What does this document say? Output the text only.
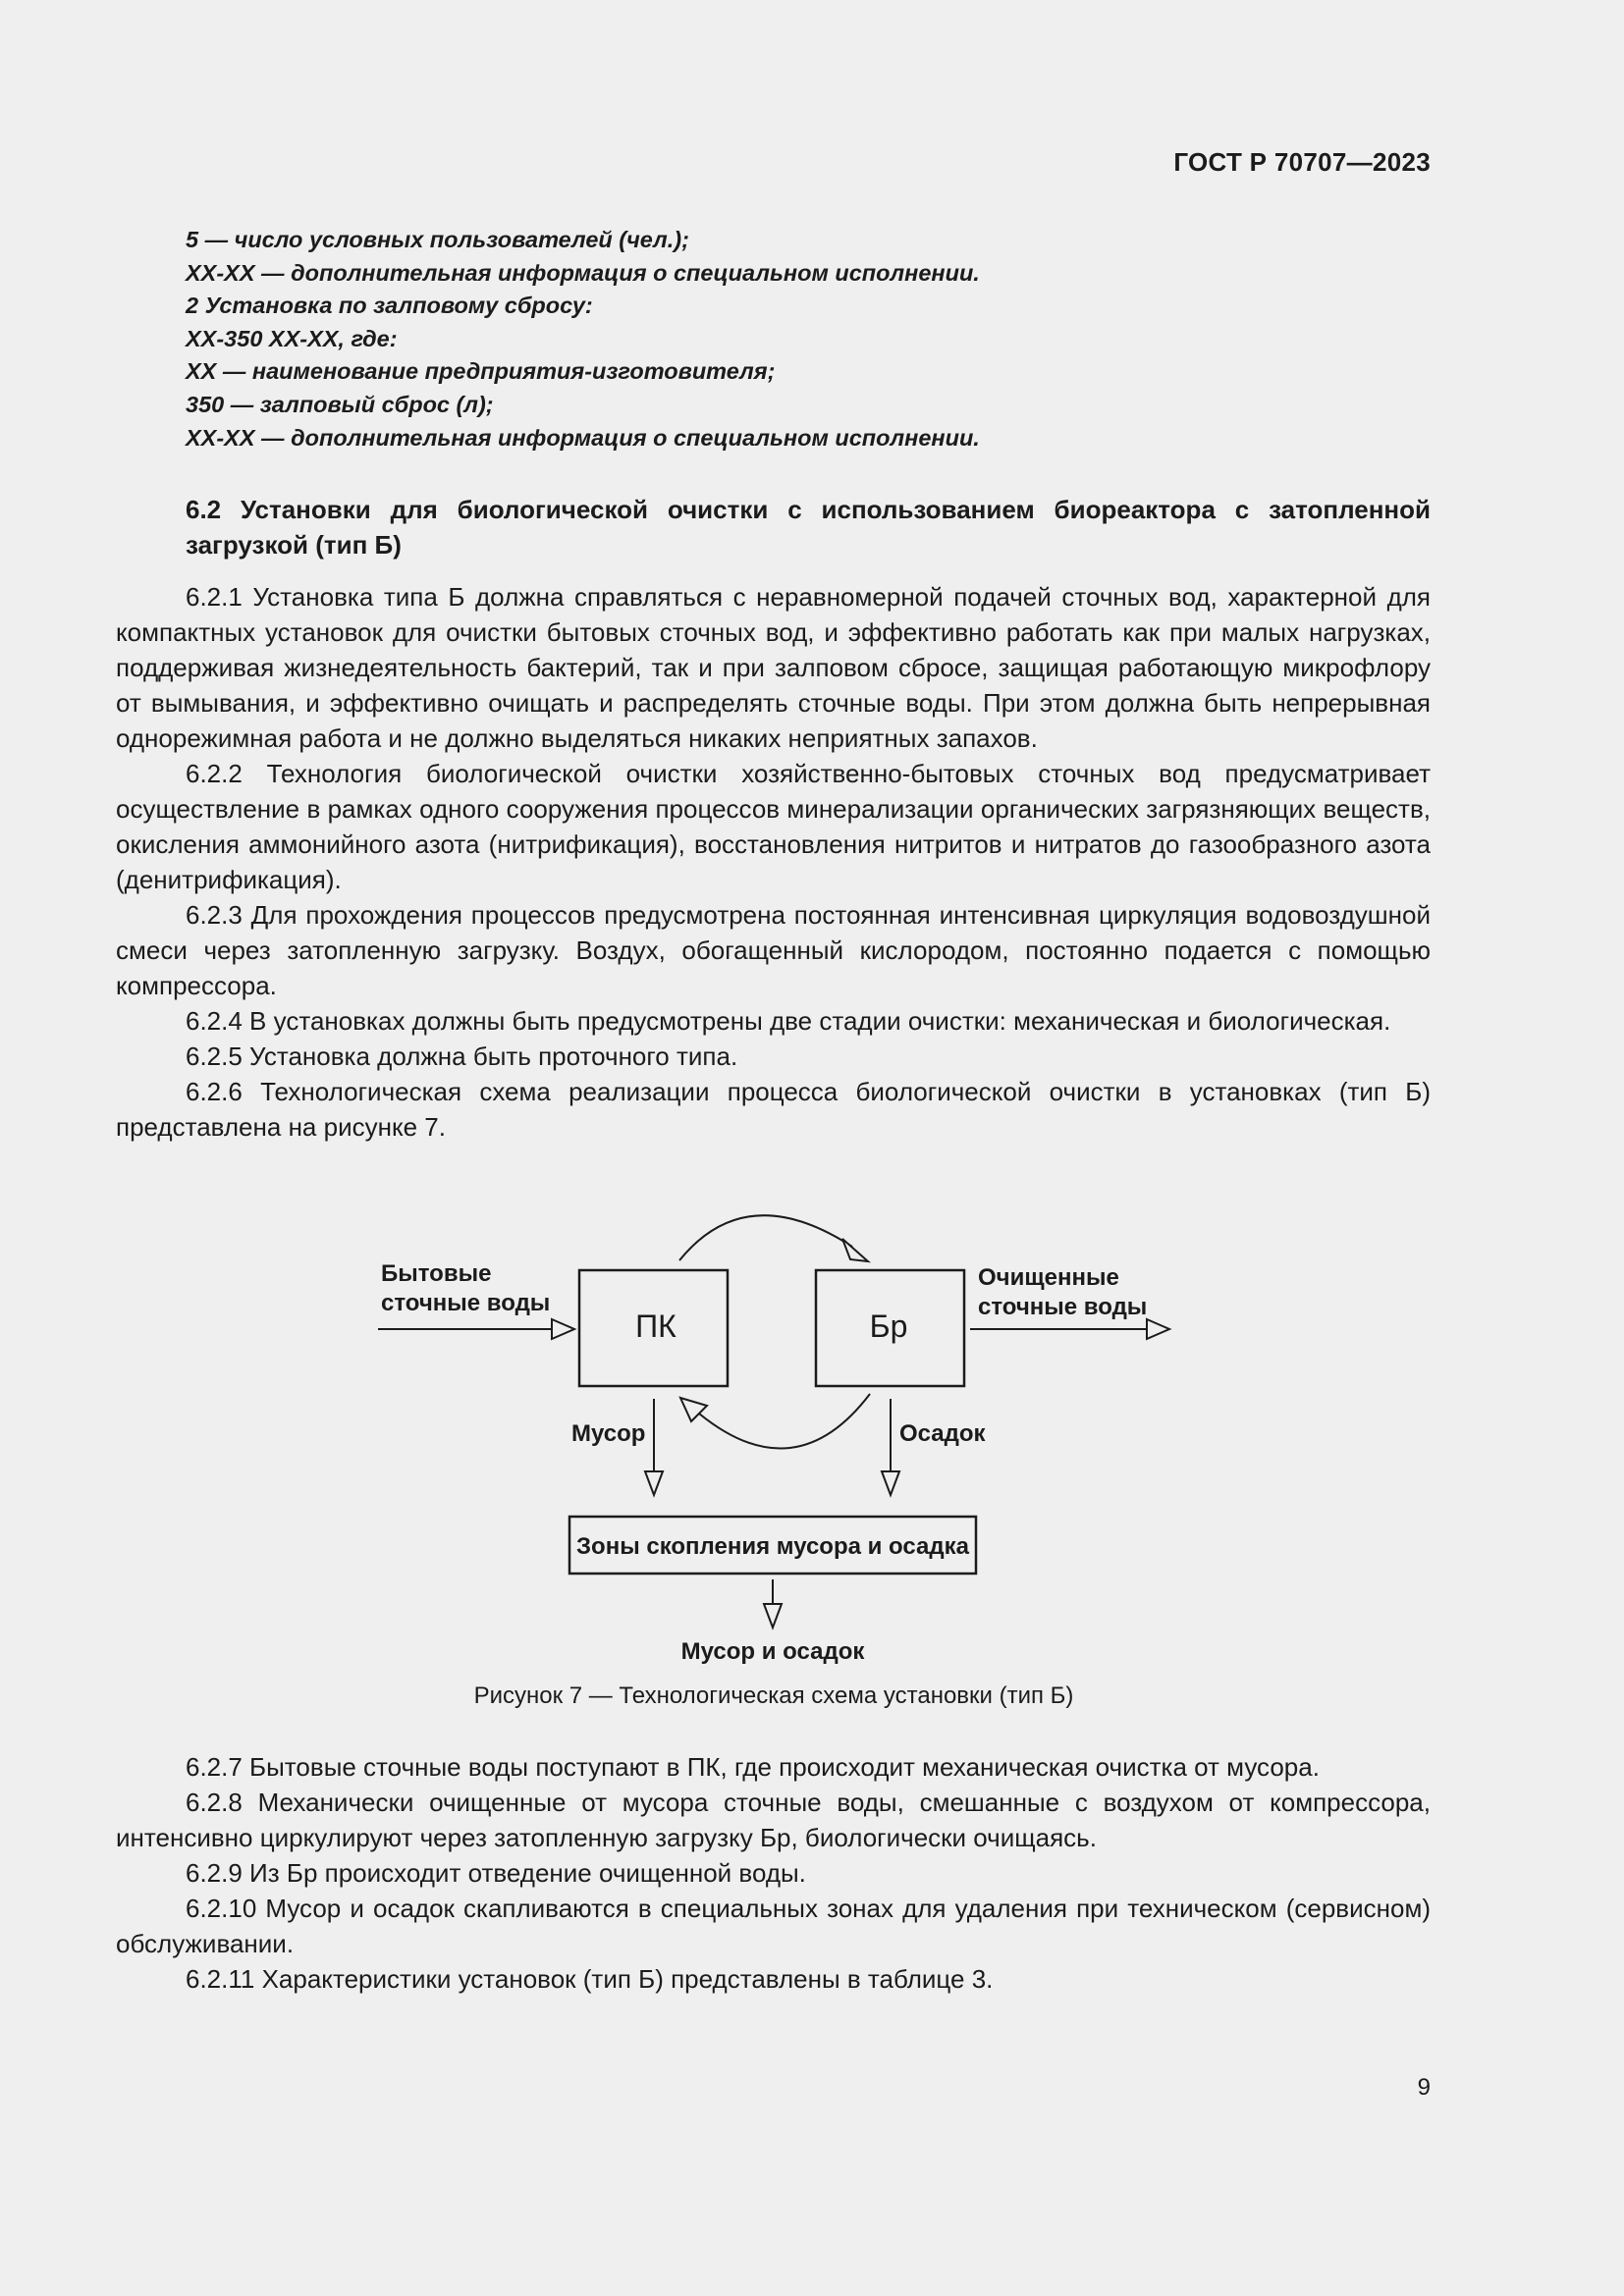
ГОСТ Р 70707—2023
5 — число условных пользователей (чел.);
ХХ-ХХ — дополнительная информация о специальном исполнении.
2 Установка по залповому сбросу:
ХХ-350 ХХ-ХХ, где:
ХХ — наименование предприятия-изготовителя;
350 — залповый сброс (л);
ХХ-ХХ — дополнительная информация о специальном исполнении.
6.2 Установки для биологической очистки с использованием биореактора с затопленной загрузкой (тип Б)

6.2.1 Установка типа Б должна справляться с неравномерной подачей сточных вод, характерной для компактных установок для очистки бытовых сточных вод, и эффективно работать как при малых нагрузках, поддерживая жизнедеятельность бактерий, так и при залповом сбросе, защищая работающую микрофлору от вымывания, и эффективно очищать и распределять сточные воды. При этом должна быть непрерывная однорежимная работа и не должно выделяться никаких неприятных запахов.

6.2.2 Технология биологической очистки хозяйственно-бытовых сточных вод предусматривает осуществление в рамках одного сооружения процессов минерализации органических загрязняющих веществ, окисления аммонийного азота (нитрификация), восстановления нитритов и нитратов до газообразного азота (денитрификация).

6.2.3 Для прохождения процессов предусмотрена постоянная интенсивная циркуляция водовоздушной смеси через затопленную загрузку. Воздух, обогащенный кислородом, постоянно подается с помощью компрессора.

6.2.4 В установках должны быть предусмотрены две стадии очистки: механическая и биологическая.

6.2.5 Установка должна быть проточного типа.

6.2.6 Технологическая схема реализации процесса биологической очистки в установках (тип Б) представлена на рисунке 7.

Бытовые
сточные воды
ПК	Бр
Очищенные
сточные воды
Мусор	Осадок
Зоны скопления мусора и осадка
Мусор и осадок
Рисунок 7 — Технологическая схема установки (тип Б)

6.2.7 Бытовые сточные воды поступают в ПК, где происходит механическая очистка от мусора.

6.2.8 Механически очищенные от мусора сточные воды, смешанные с воздухом от компрессора, интенсивно циркулируют через затопленную загрузку Бр, биологически очищаясь.

6.2.9 Из Бр происходит отведение очищенной воды.

6.2.10 Мусор и осадок скапливаются в специальных зонах для удаления при техническом (сервисном) обслуживании.

6.2.11 Характеристики установок (тип Б) представлены в таблице 3.

9
